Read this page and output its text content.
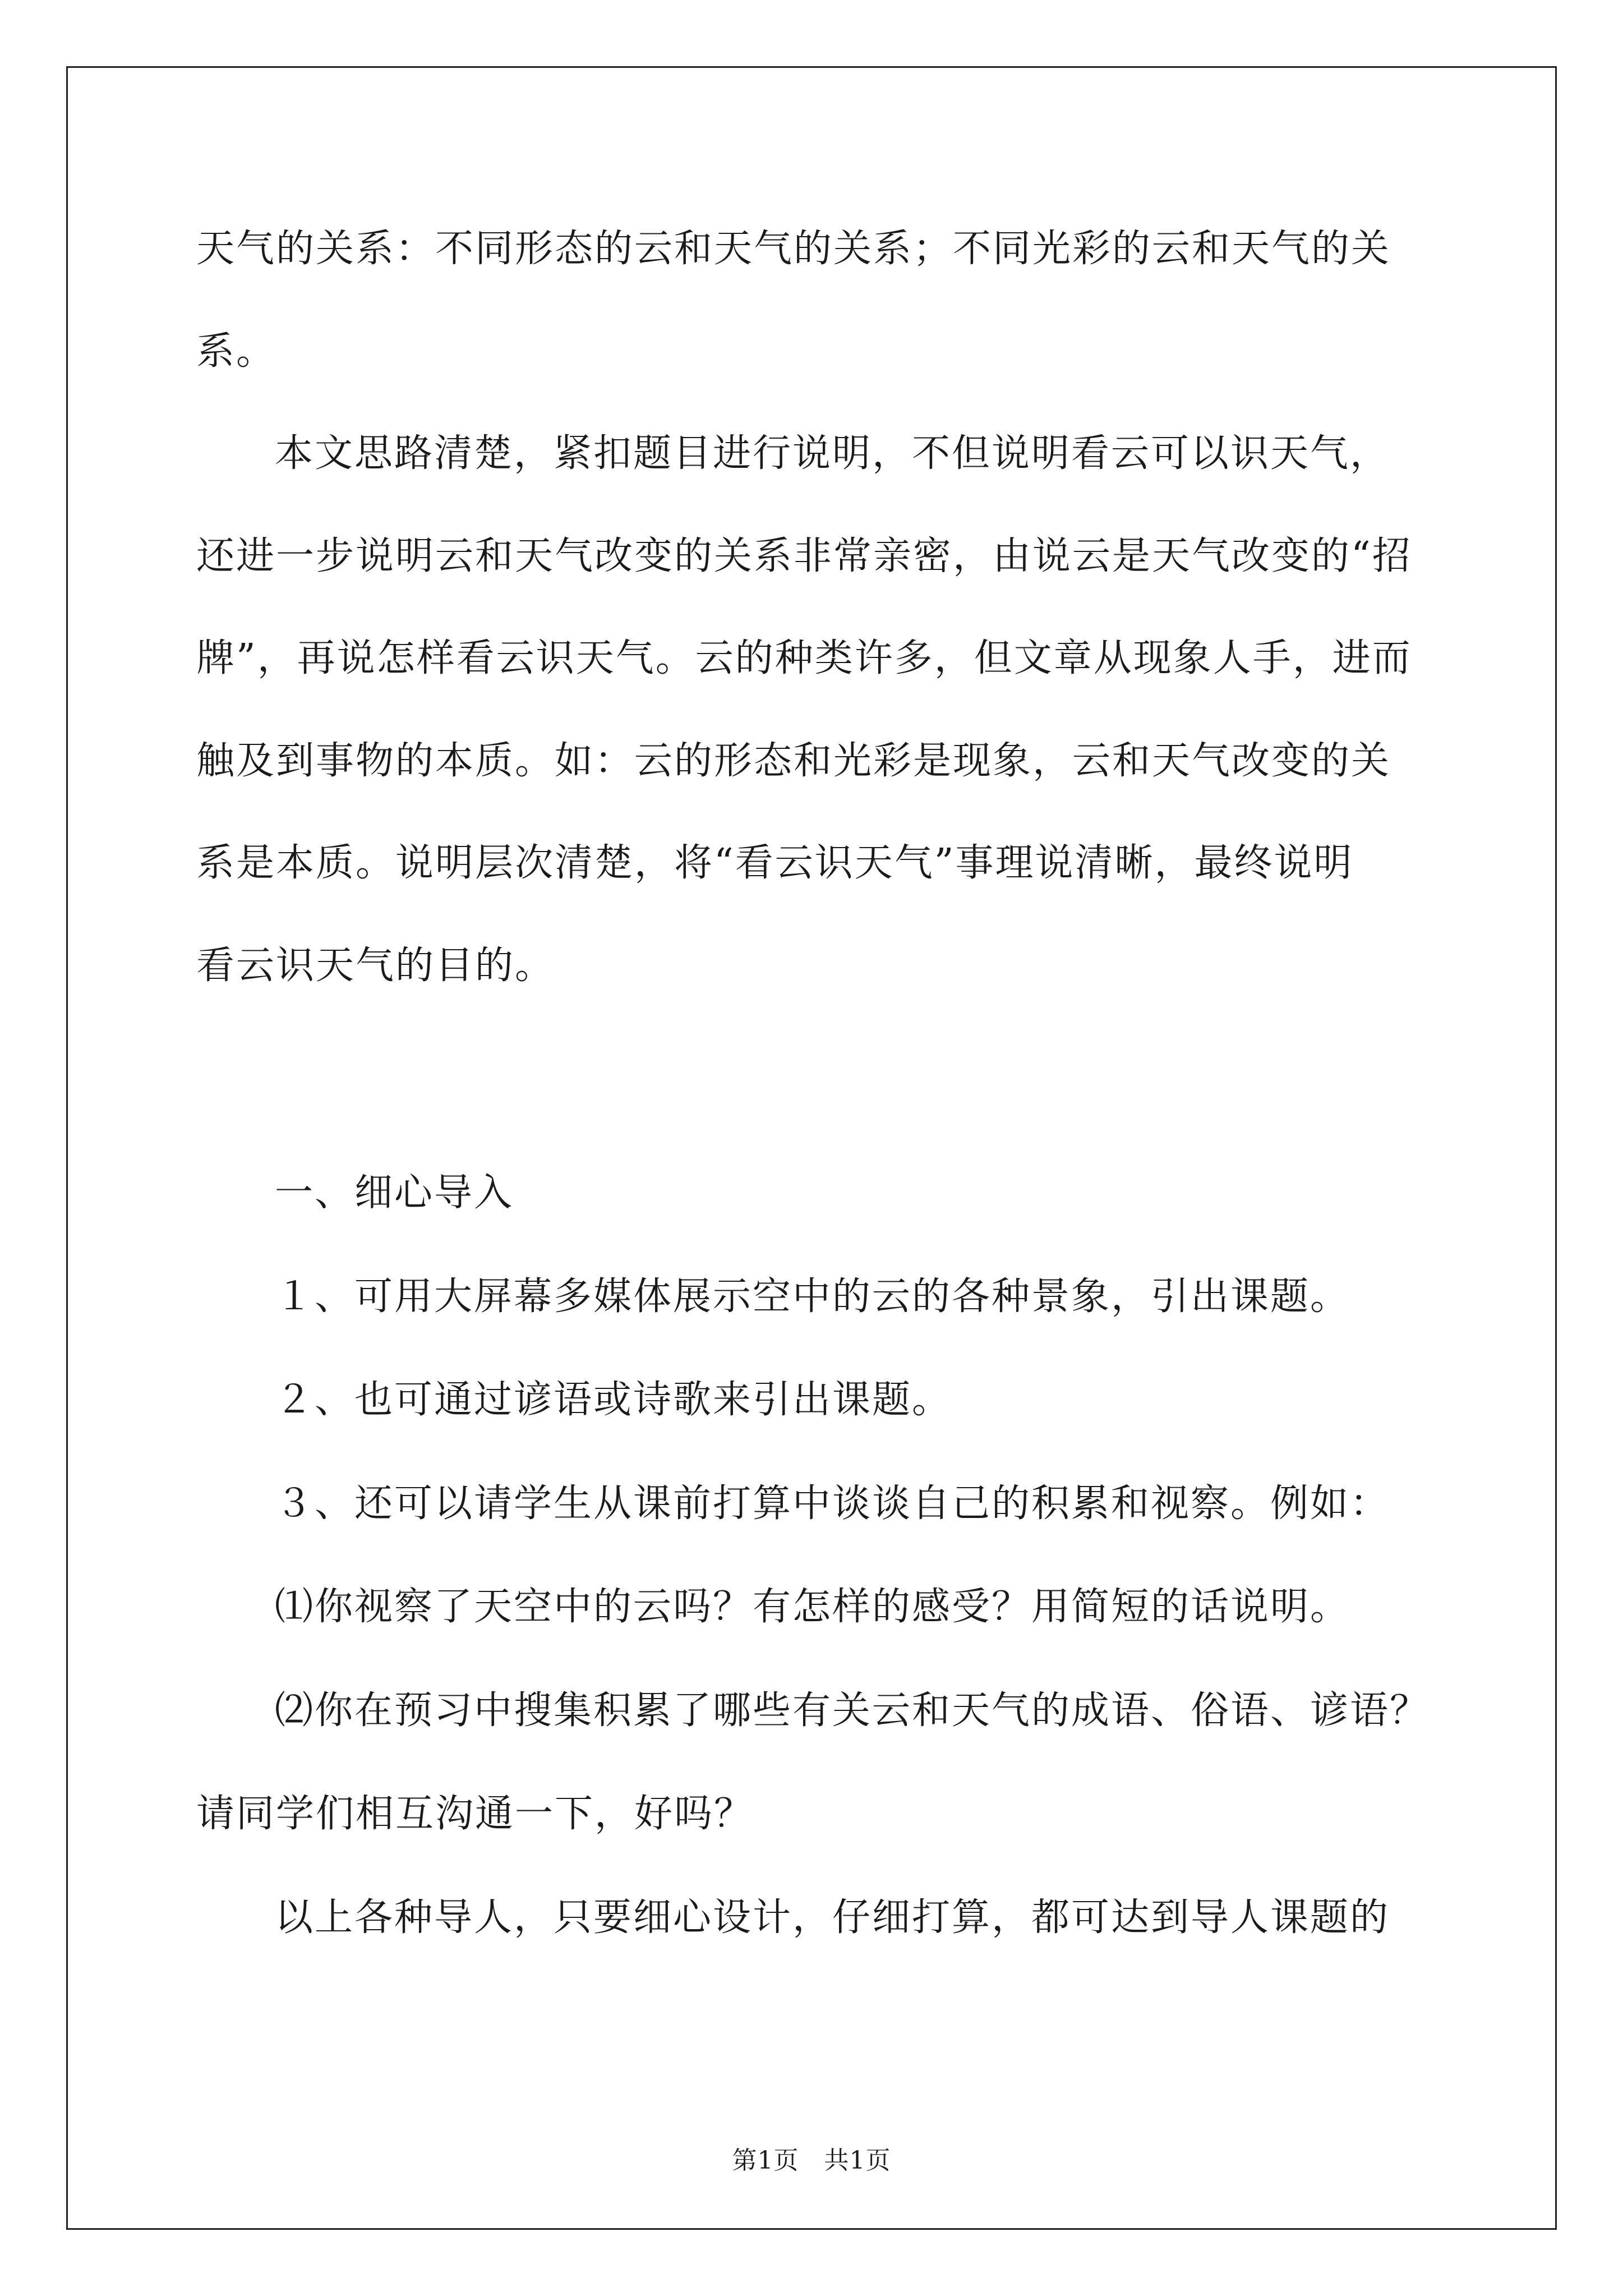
天气的关系：不同形态的云和天气的关系；不同光彩的云和天气的关
系。
本文思路清楚，紧扣题目进行说明，不但说明看云可以识天气，
还进一步说明云和天气改变的关系非常亲密，由说云是天气改变的“招
牌”，再说怎样看云识天气。云的种类许多，但文章从现象人手，进而
触及到事物的本质。如：云的形态和光彩是现象，云和天气改变的关
系是本质。说明层次清楚，将“看云识天气”事理说清晰，最终说明
看云识天气的目的。
一、细心导入
１、可用大屏幕多媒体展示空中的云的各种景象，引出课题。
２、也可通过谚语或诗歌来引出课题。
３、还可以请学生从课前打算中谈谈自己的积累和视察。例如：
⑴你视察了天空中的云吗？有怎样的感受？用简短的话说明。
⑵你在预习中搜集积累了哪些有关云和天气的成语、俗语、谚语？
请同学们相互沟通一下，好吗？
以上各种导人，只要细心设计，仔细打算，都可达到导人课题的
第1页　共1页
